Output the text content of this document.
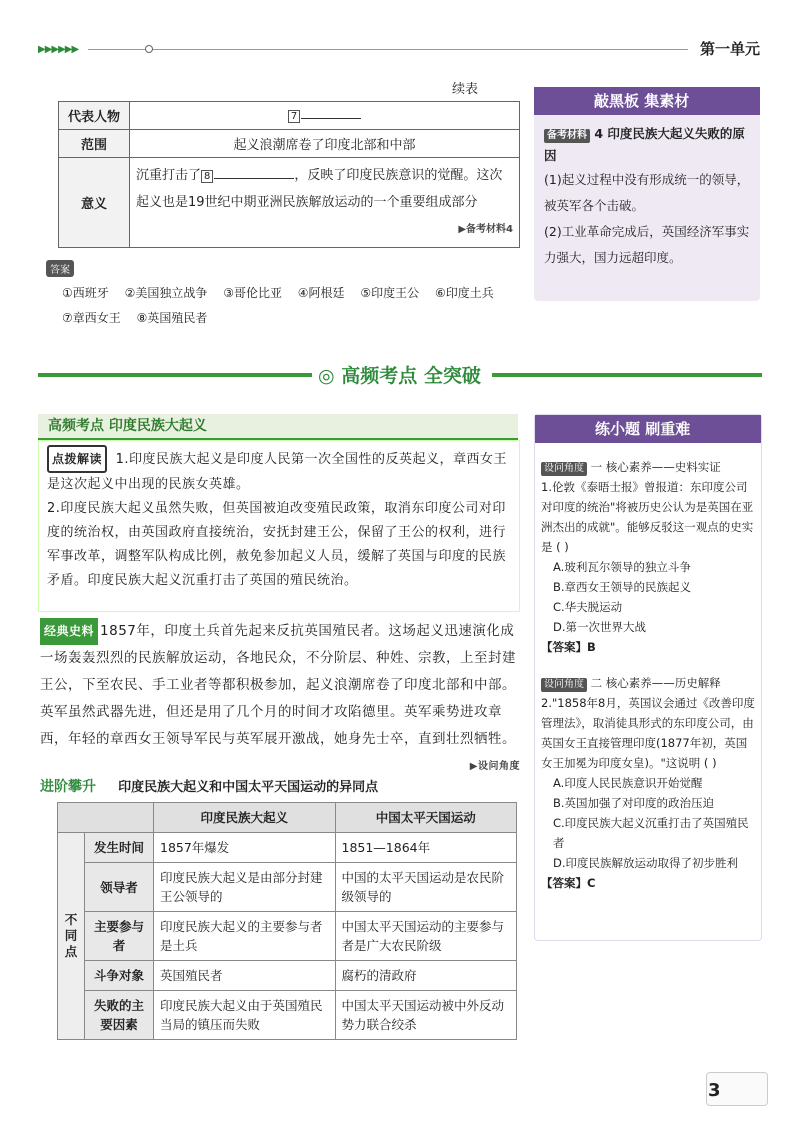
▶▶▶▶▶▶	第一单元
续表
代表人物	7
范围	起义浪潮席卷了印度北部和中部
意义	沉重打击了 8 ，反映了印度民族意识的觉醒。这次起义也是19世纪中期亚洲民族解放运动的一个重要组成部分
▶备考材料4
答案
①西班牙 ②美国独立战争 ③哥伦比亚 ④阿根廷 ⑤印度王公 ⑥印度土兵
⑦章西女王 ⑧英国殖民者
敲黑板 集素材
备考材料 4 印度民族大起义失败的原因
(1)起义过程中没有形成统一的领导，被英军各个击破。
(2)工业革命完成后，英国经济军事实力强大，国力远超印度。
◎ 高频考点 全突破
高频考点 印度民族大起义

点拨解读 1.印度民族大起义是印度人民第一次全国性的反英起义，章西女王是这次起义中出现的民族女英雄。

2.印度民族大起义虽然失败，但英国被迫改变殖民政策，取消东印度公司对印度的统治权，由英国政府直接统治，安抚封建王公，保留了王公的权利，进行军事改革，调整军队构成比例，赦免参加起义人员，缓解了英国与印度的民族矛盾。印度民族大起义沉重打击了英国的殖民统治。

经典史料 1857年，印度土兵首先起来反抗英国殖民者。这场起义迅速演化成一场轰轰烈烈的民族解放运动，各地民众，不分阶层、种姓、宗教，上至封建王公，下至农民、手工业者等都积极参加，起义浪潮席卷了印度北部和中部。英军虽然武器先进，但还是用了几个月的时间才攻陷德里。英军乘势进攻章西，年轻的章西女王领导军民与英军展开激战，她身先士卒，直到壮烈牺牲。
▶设问角度
进阶攀升 印度民族大起义和中国太平天国运动的异同点
		印度民族大起义	中国太平天国运动
不同点	发生时间	1857年爆发	1851—1864年
	领导者	印度民族大起义是由部分封建王公领导的	中国的太平天国运动是农民阶级领导的
	主要参与者	印度民族大起义的主要参与者是土兵	中国太平天国运动的主要参与者是广大农民阶级
	斗争对象	英国殖民者	腐朽的清政府
	失败的主要因素	印度民族大起义由于英国殖民当局的镇压而失败	中国太平天国运动被中外反动势力联合绞杀
练小题 刷重难

设问角度 一 核心素养——史料实证

1.伦敦《泰晤士报》曾报道：东印度公司对印度的统治"将被历史公认为是英国在亚洲杰出的成就"。能够反驳这一观点的史实是 ( )

A.玻利瓦尔领导的独立斗争

B.章西女王领导的民族起义

C.华夫脱运动

D.第一次世界大战

【答案】B

设问角度 二 核心素养——历史解释

2."1858年8月，英国议会通过《改善印度管理法》，取消徒具形式的东印度公司，由英国女王直接管理印度(1877年初，英国女王加冕为印度女皇)。"这说明 ( )

A.印度人民民族意识开始觉醒

B.英国加强了对印度的政治压迫

C.印度民族大起义沉重打击了英国殖民者

D.印度民族解放运动取得了初步胜利

【答案】C

3
